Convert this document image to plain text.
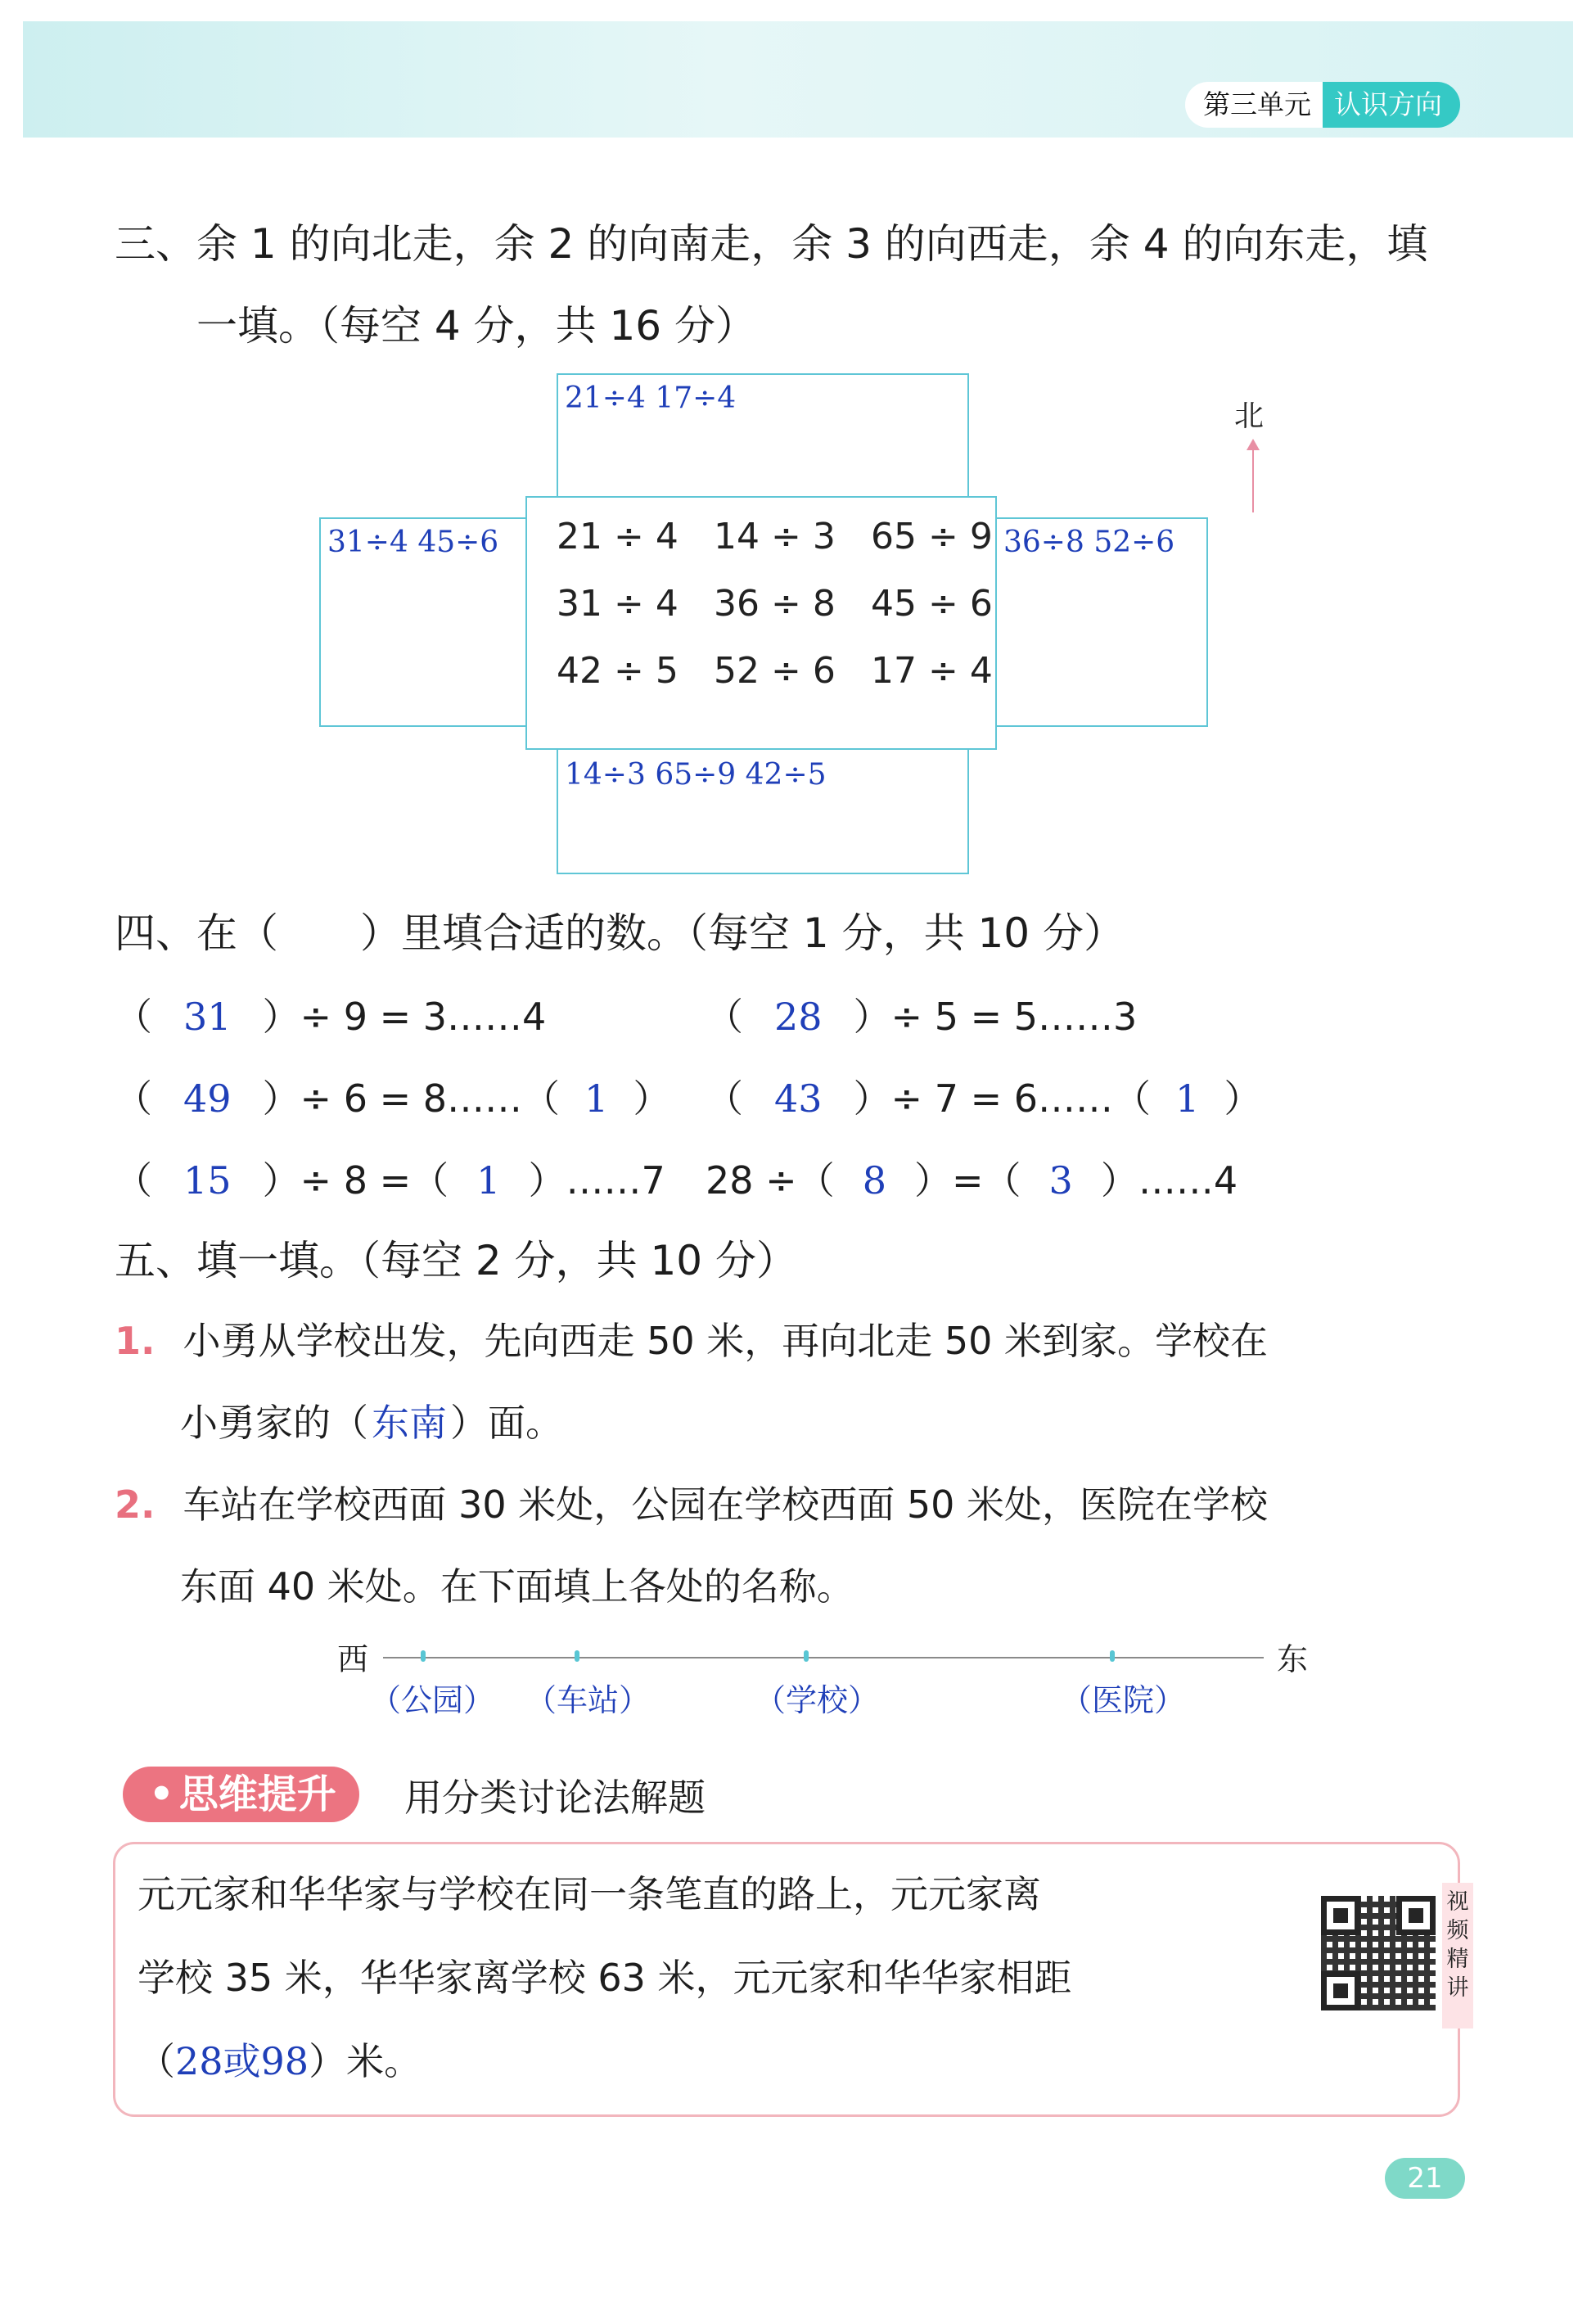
第三单元 认识方向
三、余 1 的向北走，余 2 的向南走，余 3 的向西走，余 4 的向东走，填
一填。（每空 4 分，共 16 分）
21÷4 17÷4
31÷4 45÷6	36÷8 52÷6
14÷3 65÷9 42÷5
21 ÷ 4 14 ÷ 3 65 ÷ 9
31 ÷ 4 36 ÷ 8 45 ÷ 6
42 ÷ 5 52 ÷ 6 17 ÷ 4
北
四、在（　　）里填合适的数。（每空 1 分，共 10 分）
（ 31 ）÷ 9 = 3……4	（ 28 ）÷ 5 = 5……3
（ 49 ）÷ 6 = 8……（ 1 ） （ 43 ）÷ 7 = 6……（ 1 ）
（ 15 ）÷ 8 =（ 1 ）……7 28 ÷（ 8 ）=（ 3 ）……4
五、填一填。（每空 2 分，共 10 分）
1. 小勇从学校出发，先向西走 50 米，再向北走 50 米到家。学校在
小勇家的（东南）面。
2. 车站在学校西面 30 米处，公园在学校西面 50 米处，医院在学校
东面 40 米处。在下面填上各处的名称。
西	东
（公园） （车站）	（学校）	（医院）
• 思维提升	用分类讨论法解题
元元家和华华家与学校在同一条笔直的路上，元元家离
学校 35 米，华华家离学校 63 米，元元家和华华家相距
（28或98）米。
视
频
精
讲
21
